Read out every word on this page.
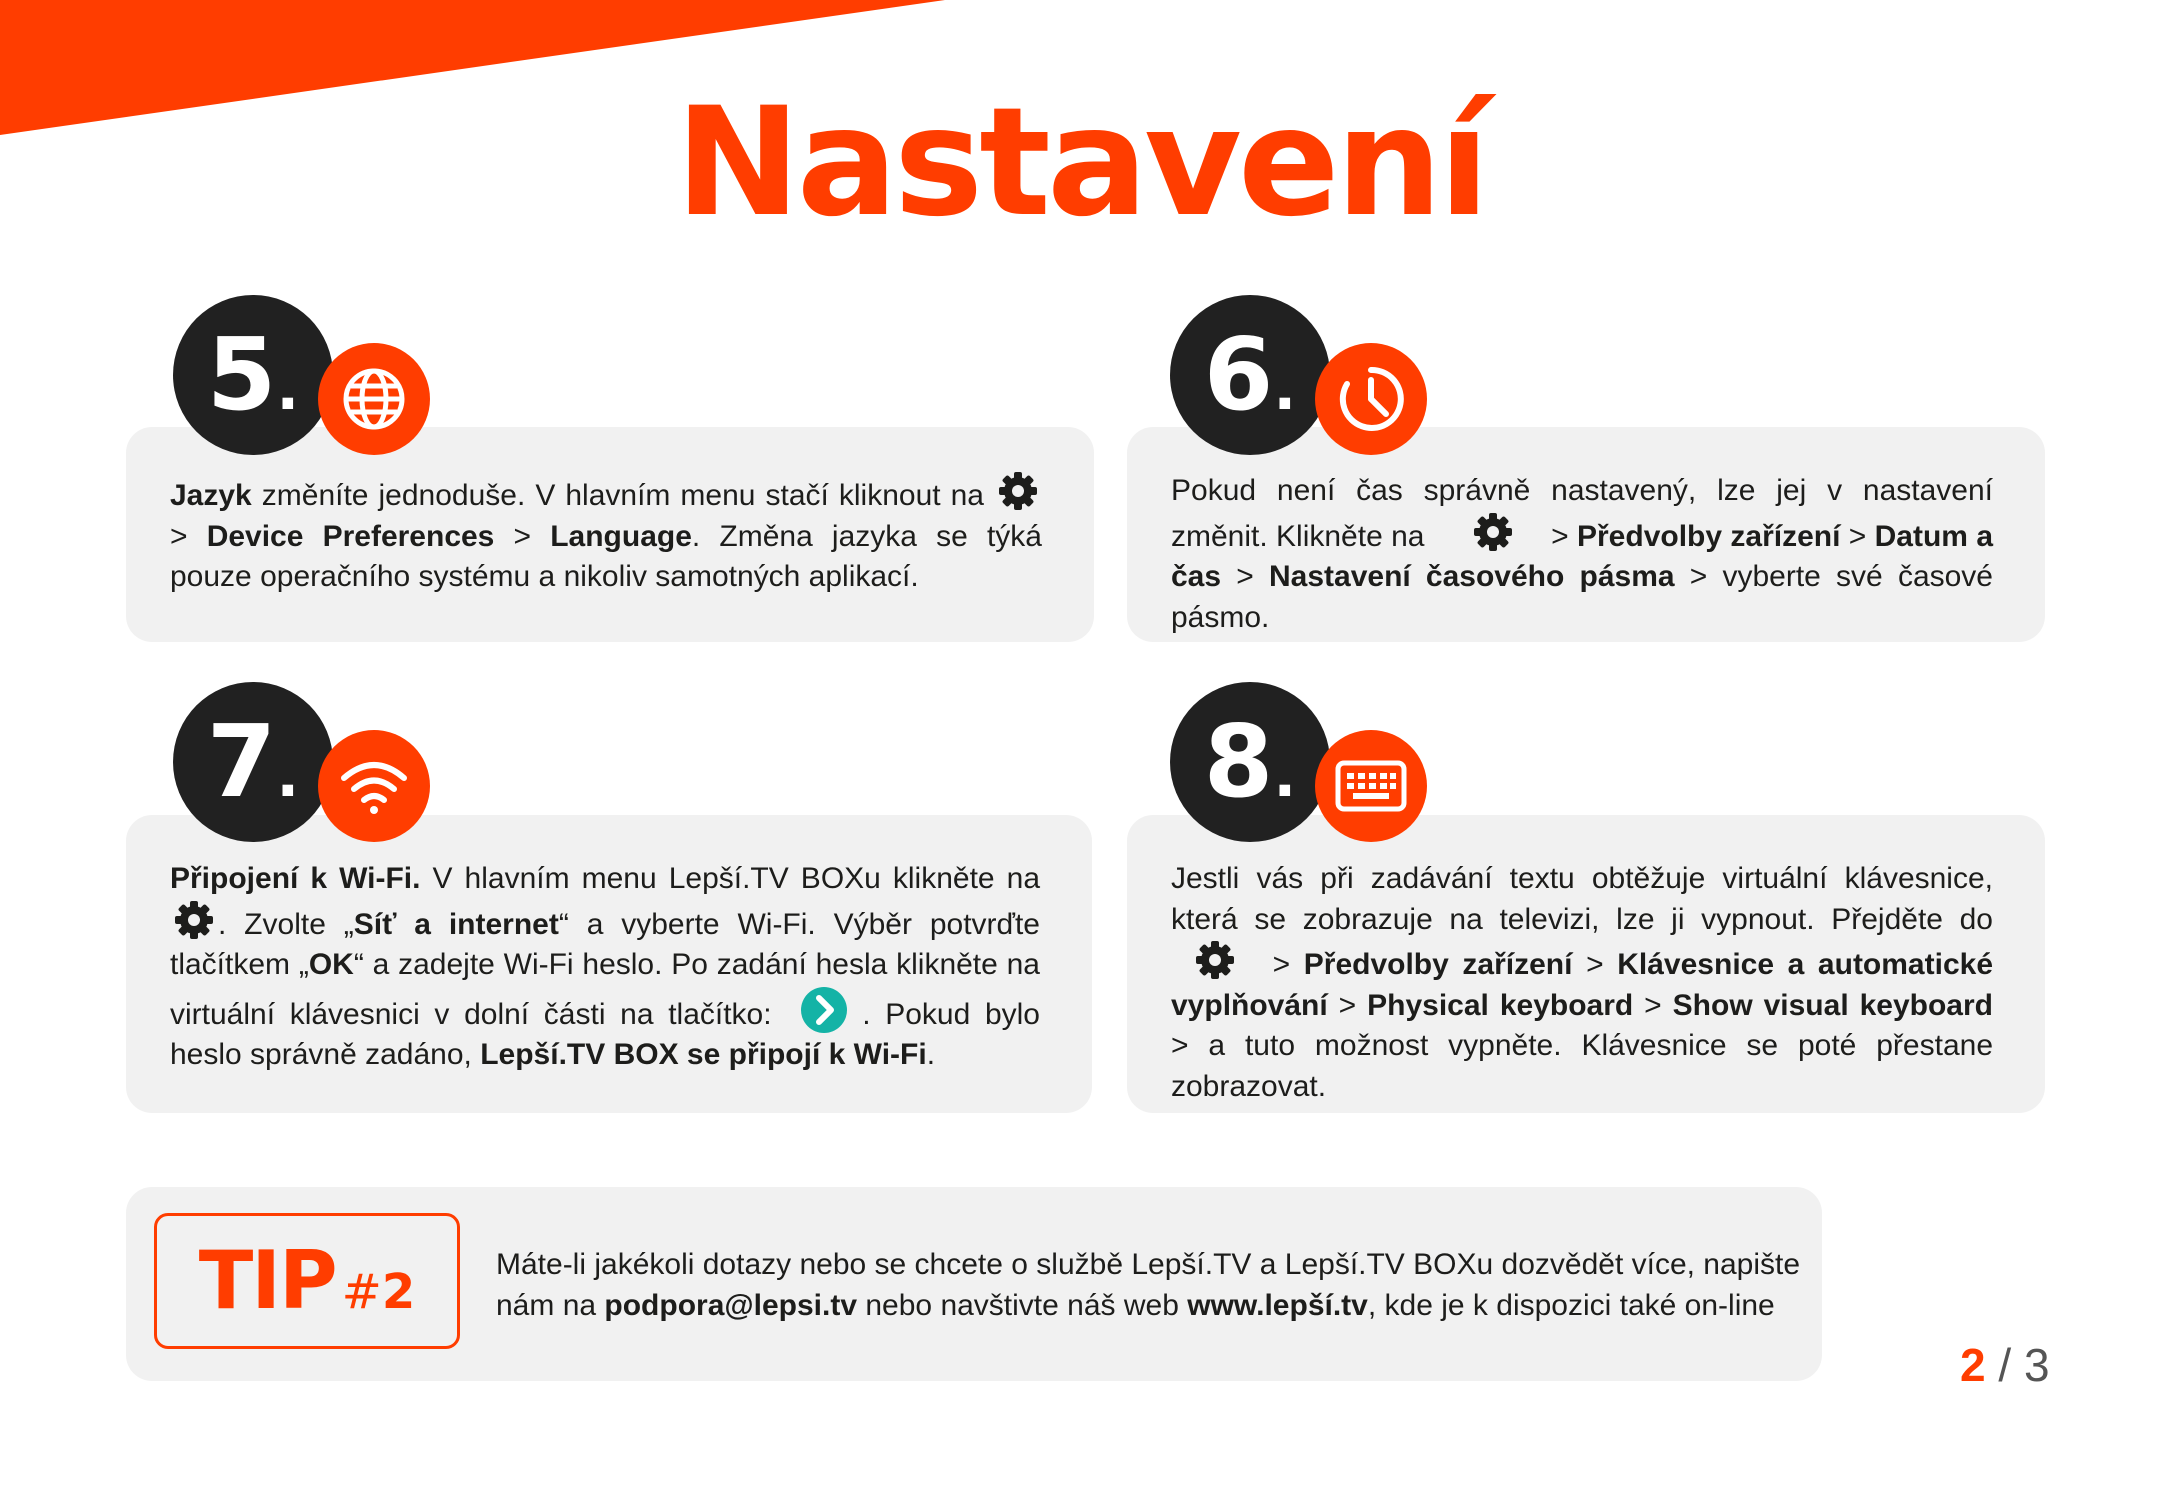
Nastavení

Jazyk změníte jednoduše. V hlavním menu stačí kliknout na  > Device Preferences > Language. Změna jazyka se týká pouze operačního systému a nikoliv samotných aplikací.

5.

Pokud není čas správně nastavený, lze jej v nastavení změnit. Klikněte na	> Předvolby zařízení > Datum a čas > Nastavení časového pásma > vyberte své časové pásmo.

6.

Připojení k Wi-Fi. V hlavním menu Lepší.TV BOXu klikněte na . Zvolte „Síť a internet“ a vyberte Wi-Fi. Výběr potvrďte tlačítkem „OK“ a zadejte Wi-Fi heslo. Po zadání hesla klikněte na virtuální klávesnici v dolní části na tlačítko:	. Pokud bylo heslo správně zadáno, Lepší.TV BOX se připojí k Wi-Fi.

7.

Jestli vás při zadávání textu obtěžuje virtuální klávesnice, která se zobrazuje na televizi, lze ji vypnout. Přejděte do  > Předvolby zařízení > Klávesnice a automatické vyplňování > Physical keyboard > Show visual keyboard > a tuto možnost vypněte. Klávesnice se poté přestane zobrazovat.

8.
TIP #2	Máte-li jakékoli dotazy nebo se chcete o službě Lepší.TV a Lepší.TV BOXu dozvědět více, napište

nám na podpora@lepsi.tv nebo navštivte náš web www.lepší.tv, kde je k dispozici také on-line

2 / 3
